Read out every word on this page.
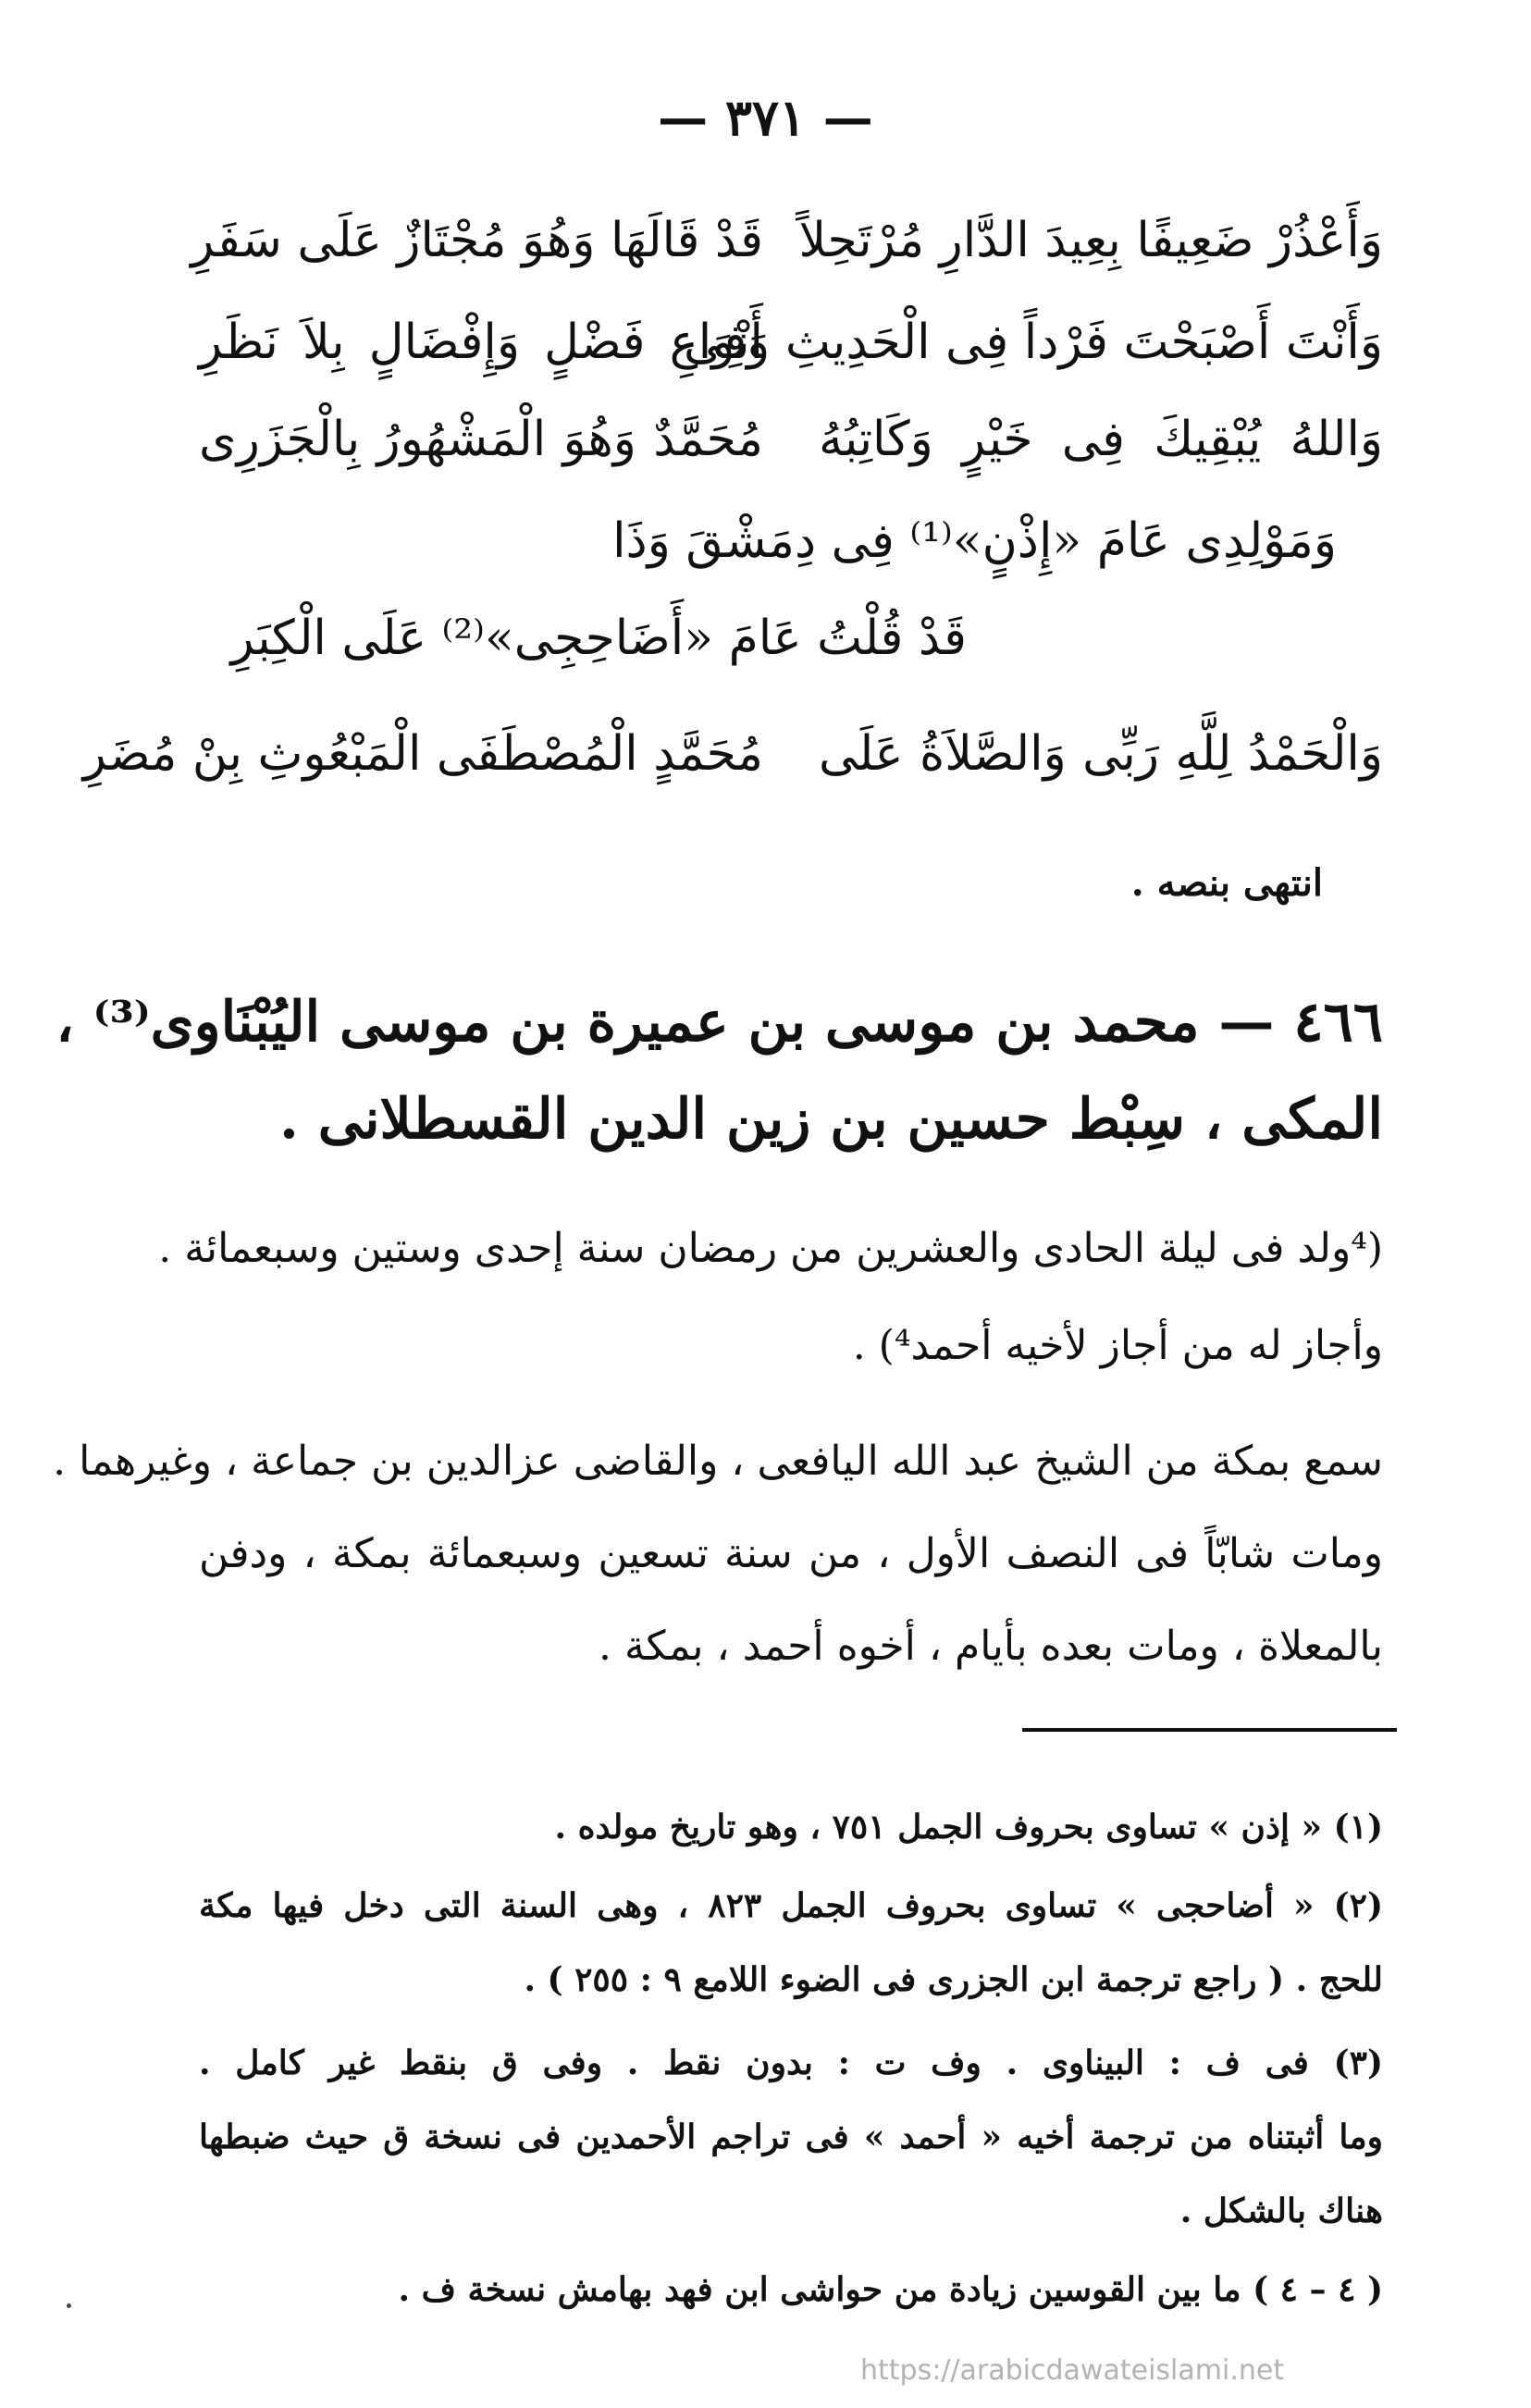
— ٣٧١ —
وَأَعْذُرْ ضَعِيفًا بِعِيدَ الدَّارِ مُرْتَحِلاً
قَدْ قَالَهَا وَهُوَ مُجْتَازٌ عَلَى سَفَرِ
وَأَنْتَ أَصْبَحْتَ فَرْداً فِى الْحَدِيثِ وَفِى
أَنْوَاعِ فَضْلٍ وَإِفْضَالٍ بِلاَ نَظَرِ
وَاللهُ يُبْقِيكَ فِى خَيْرٍ وَكَاتِبُهُ
مُحَمَّدٌ وَهُوَ الْمَشْهُورُ بِالْجَزَرِى
وَمَوْلِدِى عَامَ «إِذْنٍ»⁽¹⁾ فِى دِمَشْقَ وَذَا
قَدْ قُلْتُ عَامَ «أَضَاحِجِى»⁽²⁾ عَلَى الْكِبَرِ
وَالْحَمْدُ لِلَّهِ رَبِّى وَالصَّلاَةُ عَلَى
مُحَمَّدٍ الْمُصْطَفَى الْمَبْعُوثِ بِنْ مُضَرِ
انتهى بنصه .
٤٦٦ — محمد بن موسى بن عميرة بن موسى اليُبْنَاوى⁽³⁾ ،
المكى ، سِبْط حسين بن زين الدين القسطلانى .
(⁴ولد فى ليلة الحادى والعشرين من رمضان سنة إحدى وستين وسبعمائة .
وأجاز له من أجاز لأخيه أحمد⁴) .
سمع بمكة من الشيخ عبد الله اليافعى ، والقاضى عزالدين بن جماعة ، وغيرهما .
ومات شابّاً فى النصف الأول ، من سنة تسعين وسبعمائة بمكة ، ودفن
بالمعلاة ، ومات بعده بأيام ، أخوه أحمد ، بمكة .
(١) « إذن » تساوى بحروف الجمل ٧٥١ ، وهو تاريخ مولده .
(٢) « أضاحجى » تساوى بحروف الجمل ٨٢٣ ، وهى السنة التى دخل فيها مكة
للحج . ( راجع ترجمة ابن الجزرى فى الضوء اللامع ٩ : ٢٥٥ ) .
(٣) فى ف : البيناوى . وف ت : بدون نقط . وفى ق بنقط غير كامل .
وما أثبتناه من ترجمة أخيه « أحمد » فى تراجم الأحمدين فى نسخة ق حيث ضبطها
هناك بالشكل .
( ٤ – ٤ ) ما بين القوسين زيادة من حواشى ابن فهد بهامش نسخة ف .
https://arabicdawateislami.net
